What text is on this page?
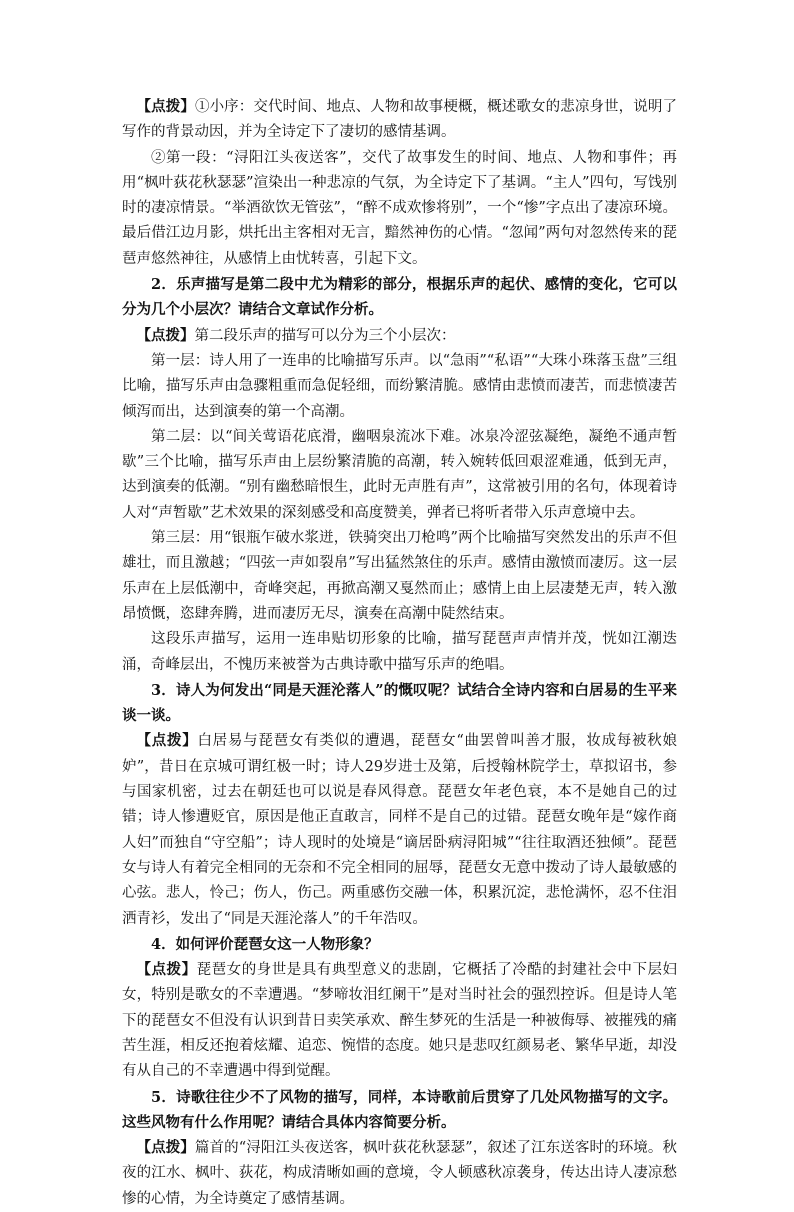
【点拨】①小序：交代时间、地点、人物和故事梗概，概述歌女的悲凉身世，说明了写作的背景动因，并为全诗定下了凄切的感情基调。

②第一段：“浔阳江头夜送客”，交代了故事发生的时间、地点、人物和事件；再用“枫叶荻花秋瑟瑟”渲染出一种悲凉的气氛，为全诗定下了基调。“主人”四句，写饯别时的凄凉情景。“举酒欲饮无管弦”，“醉不成欢惨将别”，一个“惨”字点出了凄凉环境。最后借江边月影，烘托出主客相对无言，黯然神伤的心情。“忽闻”两句对忽然传来的琵琶声悠然神往，从感情上由忧转喜，引起下文。

2．乐声描写是第二段中尤为精彩的部分，根据乐声的起伏、感情的变化，它可以分为几个小层次？请结合文章试作分析。

【点拨】第二段乐声的描写可以分为三个小层次：

第一层：诗人用了一连串的比喻描写乐声。以“急雨”“私语”“大珠小珠落玉盘”三组比喻，描写乐声由急骤粗重而急促轻细，而纷繁清脆。感情由悲愤而凄苦，而悲愤凄苦倾泻而出，达到演奏的第一个高潮。

第二层：以“间关莺语花底滑，幽咽泉流冰下难。冰泉冷涩弦凝绝，凝绝不通声暂歇”三个比喻，描写乐声由上层纷繁清脆的高潮，转入婉转低回艰涩难通，低到无声，达到演奏的低潮。“别有幽愁暗恨生，此时无声胜有声”，这常被引用的名句，体现着诗人对“声暂歇”艺术效果的深刻感受和高度赞美，弹者已将听者带入乐声意境中去。

第三层：用“银瓶乍破水浆迸，铁骑突出刀枪鸣”两个比喻描写突然发出的乐声不但雄壮，而且激越；“四弦一声如裂帛”写出猛然煞住的乐声。感情由激愤而凄厉。这一层乐声在上层低潮中，奇峰突起，再掀高潮又戛然而止；感情上由上层凄楚无声，转入激昂愤慨，恣肆奔腾，进而凄厉无尽，演奏在高潮中陡然结束。

这段乐声描写，运用一连串贴切形象的比喻，描写琵琶声声情并茂，恍如江潮迭涌，奇峰层出，不愧历来被誉为古典诗歌中描写乐声的绝唱。

3．诗人为何发出“同是天涯沦落人”的慨叹呢？试结合全诗内容和白居易的生平来谈一谈。

【点拨】白居易与琵琶女有类似的遭遇，琵琶女“曲罢曾叫善才服，妆成每被秋娘妒”，昔日在京城可谓红极一时；诗人29岁进士及第，后授翰林院学士，草拟诏书，参与国家机密，过去在朝廷也可以说是春风得意。琵琶女年老色衰，本不是她自己的过错；诗人惨遭贬官，原因是他正直敢言，同样不是自己的过错。琵琶女晚年是“嫁作商人妇”而独自“守空船”；诗人现时的处境是“谪居卧病浔阳城”“往往取酒还独倾”。琵琶女与诗人有着完全相同的无奈和不完全相同的屈辱，琵琶女无意中拨动了诗人最敏感的心弦。悲人，怜己；伤人，伤己。两重感伤交融一体，积累沉淀，悲怆满怀，忍不住泪洒青衫，发出了“同是天涯沦落人”的千年浩叹。

4．如何评价琵琶女这一人物形象？

【点拨】琵琶女的身世是具有典型意义的悲剧，它概括了冷酷的封建社会中下层妇女，特别是歌女的不幸遭遇。“梦啼妆泪红阑干”是对当时社会的强烈控诉。但是诗人笔下的琵琶女不但没有认识到昔日卖笑承欢、醉生梦死的生活是一种被侮辱、被摧残的痛苦生涯，相反还抱着炫耀、追恋、惋惜的态度。她只是悲叹红颜易老、繁华早逝，却没有从自己的不幸遭遇中得到觉醒。

5．诗歌往往少不了风物的描写，同样，本诗歌前后贯穿了几处风物描写的文字。这些风物有什么作用呢？请结合具体内容简要分析。

【点拨】篇首的“浔阳江头夜送客，枫叶荻花秋瑟瑟”，叙述了江东送客时的环境。秋夜的江水、枫叶、荻花，构成清晰如画的意境，令人顿感秋凉袭身，传达出诗人凄凉愁惨的心情，为全诗奠定了感情基调。
